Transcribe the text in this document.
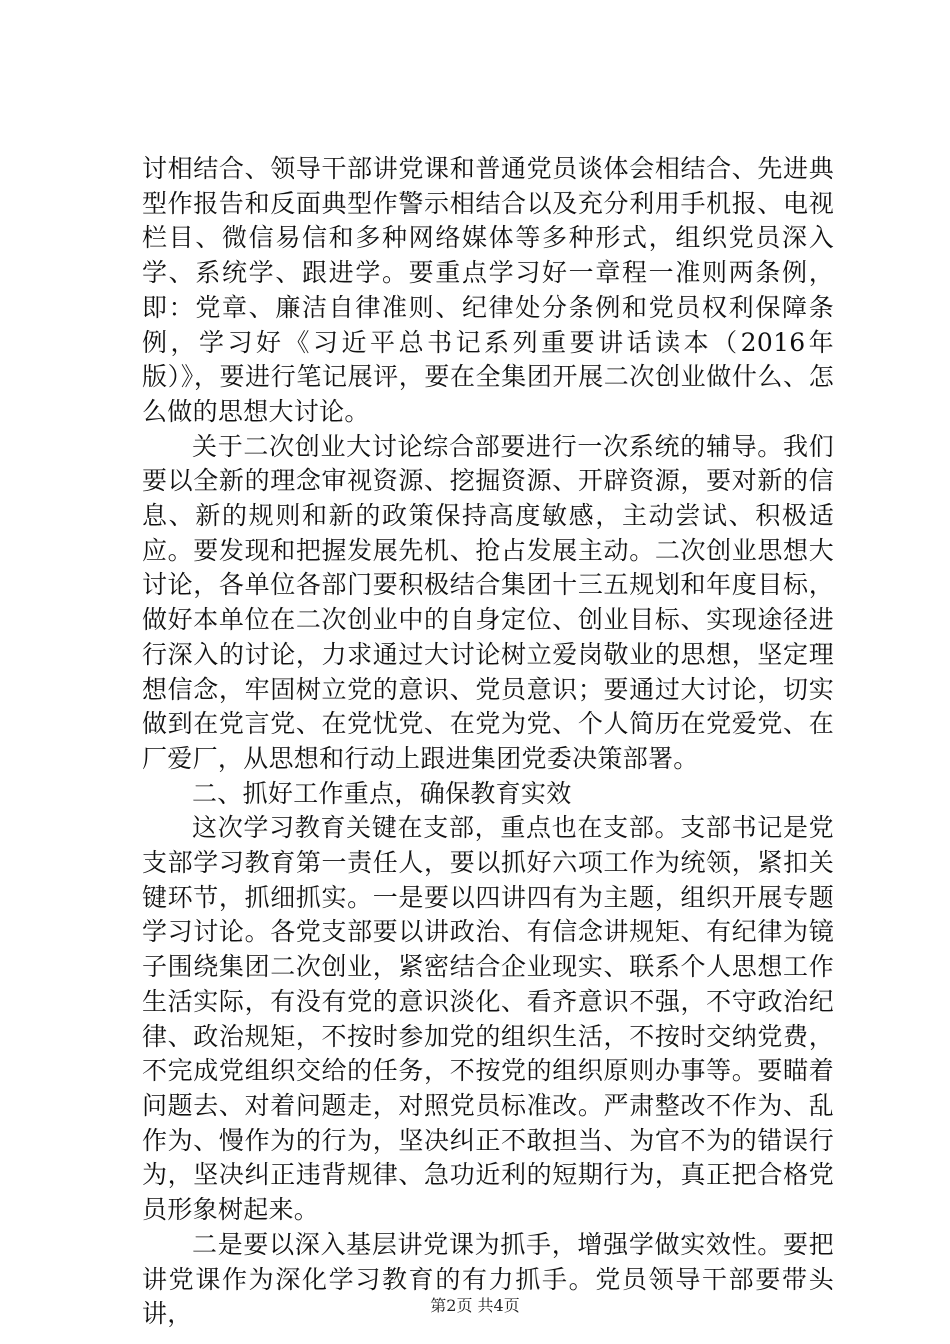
讨相结合、领导干部讲党课和普通党员谈体会相结合、先进典型作报告和反面典型作警示相结合以及充分利用手机报、电视栏目、微信易信和多种网络媒体等多种形式，组织党员深入学、系统学、跟进学。要重点学习好一章程一准则两条例，即：党章、廉洁自律准则、纪律处分条例和党员权利保障条例，学习好《习近平总书记系列重要讲话读本（2016年版）》，要进行笔记展评，要在全集团开展二次创业做什么、怎么做的思想大讨论。

关于二次创业大讨论综合部要进行一次系统的辅导。我们要以全新的理念审视资源、挖掘资源、开辟资源，要对新的信息、新的规则和新的政策保持高度敏感，主动尝试、积极适应。要发现和把握发展先机、抢占发展主动。二次创业思想大讨论，各单位各部门要积极结合集团十三五规划和年度目标，做好本单位在二次创业中的自身定位、创业目标、实现途径进行深入的讨论，力求通过大讨论树立爱岗敬业的思想，坚定理想信念，牢固树立党的意识、党员意识；要通过大讨论，切实做到在党言党、在党忧党、在党为党、个人简历在党爱党、在厂爱厂，从思想和行动上跟进集团党委决策部署。

二、抓好工作重点，确保教育实效

这次学习教育关键在支部，重点也在支部。支部书记是党支部学习教育第一责任人，要以抓好六项工作为统领，紧扣关键环节，抓细抓实。一是要以四讲四有为主题，组织开展专题学习讨论。各党支部要以讲政治、有信念讲规矩、有纪律为镜子围绕集团二次创业，紧密结合企业现实、联系个人思想工作生活实际，有没有党的意识淡化、看齐意识不强，不守政治纪律、政治规矩，不按时参加党的组织生活，不按时交纳党费，不完成党组织交给的任务，不按党的组织原则办事等。要瞄着问题去、对着问题走，对照党员标准改。严肃整改不作为、乱作为、慢作为的行为，坚决纠正不敢担当、为官不为的错误行为，坚决纠正违背规律、急功近利的短期行为，真正把合格党员形象树起来。

二是要以深入基层讲党课为抓手，增强学做实效性。要把讲党课作为深化学习教育的有力抓手。党员领导干部要带头讲，	第2页 共4页
